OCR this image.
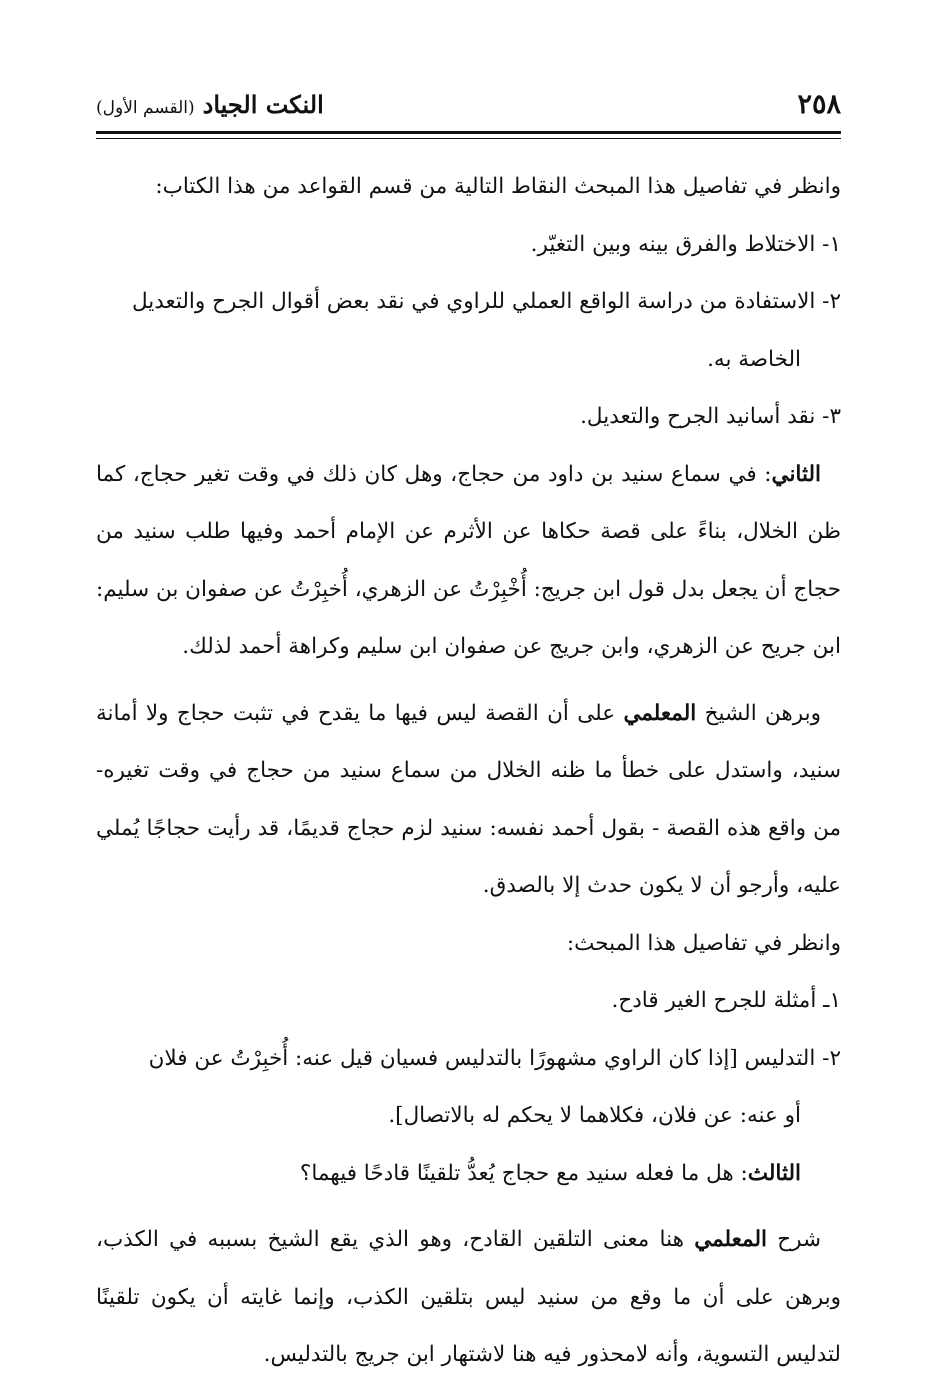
٢٥٨
النكت الجياد
(القسم الأول)

وانظر في تفاصيل هذا المبحث النقاط التالية من قسم القواعد من هذا الكتاب:

١- الاختلاط والفرق بينه وبين التغيّر.

٢- الاستفادة من دراسة الواقع العملي للراوي في نقد بعض أقوال الجرح والتعديل

الخاصة به.

٣- نقد أسانيد الجرح والتعديل.

الثاني: في سماع سنيد بن داود من حجاج، وهل كان ذلك في وقت تغير حجاج، كما ظن الخلال، بناءً على قصة حكاها عن الأثرم عن الإمام أحمد وفيها طلب سنيد من حجاج أن يجعل بدل قول ابن جريج: أُخْبِرْتُ عن الزهري، أُخبِرْتُ عن صفوان بن سليم: ابن جريح عن الزهري، وابن جريج عن صفوان ابن سليم وكراهة أحمد لذلك.

وبرهن الشيخ المعلمي على أن القصة ليس فيها ما يقدح في تثبت حجاج ولا أمانة سنيد، واستدل على خطأ ما ظنه الخلال من سماع سنيد من حجاج في وقت تغيره- من واقع هذه القصة - بقول أحمد نفسه: سنيد لزم حجاج قديمًا، قد رأيت حجاجًا يُملي عليه، وأرجو أن لا يكون حدث إلا بالصدق.

وانظر في تفاصيل هذا المبحث:

١ـ أمثلة للجرح الغير قادح.

٢- التدليس [إذا كان الراوي مشهورًا بالتدليس فسيان قيل عنه: أُخبِرْتُ عن فلان

أو عنه: عن فلان، فكلاهما لا يحكم له بالاتصال].

الثالث: هل ما فعله سنيد مع حجاج يُعدُّ تلقينًا قادحًا فيهما؟

شرح المعلمي هنا معنى التلقين القادح، وهو الذي يقع الشيخ بسببه في الكذب، وبرهن على أن ما وقع من سنيد ليس بتلقين الكذب، وإنما غايته أن يكون تلقينًا لتدليس التسوية، وأنه لامحذور فيه هنا لاشتهار ابن جريج بالتدليس.
